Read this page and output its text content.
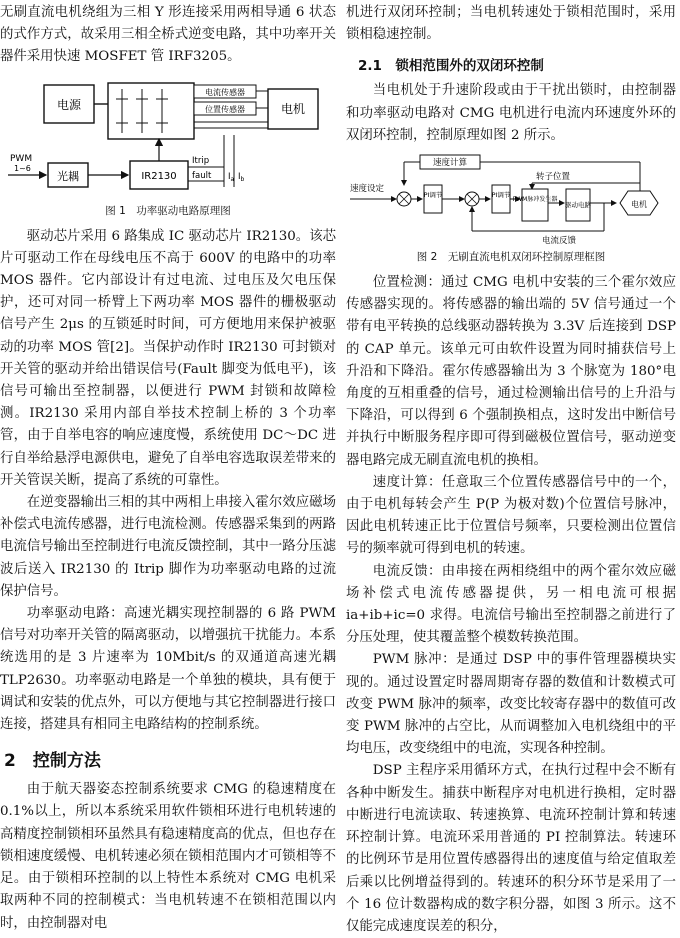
无刷直流电机绕组为三相 Y 形连接采用两相导通 6 状态的式作方式，故采用三相全桥式逆变电路，其中功率开关器件采用快速 MOSFET 管 IRF3205。

电源
电流传感器
位置传感器	电机
PWM
1~6
光耦	IR2130
Itrip
fault $I_a$ $I_b$
图 1　功率驱动电路原理图

驱动芯片采用 6 路集成 IC 驱动芯片 IR2130。该芯片可驱动工作在母线电压不高于 600V 的电路中的功率 MOS 器件。它内部设计有过电流、过电压及欠电压保护，还可对同一桥臂上下两功率 MOS 器件的栅极驱动信号产生 2μs 的互锁延时时间，可方便地用来保护被驱动的功率 MOS 管[2]。当保护动作时 IR2130 可封锁对开关管的驱动并给出错误信号(Fault 脚变为低电平)，该信号可输出至控制器，以便进行 PWM 封锁和故障检测。IR2130 采用内部自举技术控制上桥的 3 个功率管，由于自举电容的响应速度慢，系统使用 DC～DC 进行自举给悬浮电源供电，避免了自举电容选取误差带来的开关管误关断，提高了系统的可靠性。

在逆变器输出三相的其中两相上串接入霍尔效应磁场补偿式电流传感器，进行电流检测。传感器采集到的两路电流信号输出至控制进行电流反馈控制，其中一路分压滤波后送入 IR2130 的 Itrip 脚作为功率驱动电路的过流保护信号。

功率驱动电路：高速光耦实现控制器的 6 路 PWM 信号对功率开关管的隔离驱动，以增强抗干扰能力。本系统选用的是 3 片速率为 10Mbit/s 的双通道高速光耦 TLP2630。功率驱动电路是一个单独的模块，具有便于调试和安装的优点外，可以方便地与其它控制器进行接口连接，搭建具有相同主电路结构的控制系统。

2　控制方法

由于航天器姿态控制系统要求 CMG 的稳速精度在 0.1%以上，所以本系统采用软件锁相环进行电机转速的高精度控制锁相环虽然具有稳速精度高的优点，但也存在锁相速度缓慢、电机转速必须在锁相范围内才可锁相等不足。由于锁相环控制的以上特性本系统对 CMG 电机采取两种不同的控制模式：当电机转速不在锁相范围以内时，由控制器对电

机进行双闭环控制；当电机转速处于锁相范围时，采用锁相稳速控制。

2.1　锁相范围外的双闭环控制

当电机处于升速阶段或由于干扰出锁时，由控制器和功率驱动电路对 CMG 电机进行电流内环速度外环的双闭环控制，控制原理如图 2 所示。

速度计算
转子位置
速度设定
PI调节	PI调节
PWM脉冲发生器
驱动电路	电机
电流反馈
图 2　无刷直流电机双闭环控制原理框图

位置检测：通过 CMG 电机中安装的三个霍尔效应传感器实现的。将传感器的输出端的 5V 信号通过一个带有电平转换的总线驱动器转换为 3.3V 后连接到 DSP 的 CAP 单元。该单元可由软件设置为同时捕获信号上升沿和下降沿。霍尔传感器输出为 3 个脉宽为 180°电角度的互相重叠的信号，通过检测输出信号的上升沿与下降沿，可以得到 6 个强制换相点，这时发出中断信号并执行中断服务程序即可得到磁极位置信号，驱动逆变器电路完成无刷直流电机的换相。

速度计算：任意取三个位置传感器信号中的一个，由于电机每转会产生 P(P 为极对数)个位置信号脉冲，因此电机转速正比于位置信号频率，只要检测出位置信号的频率就可得到电机的转速。

电流反馈：由串接在两相绕组中的两个霍尔效应磁场补偿式电流传感器提供，另一相电流可根据 ia+ib+ic=0 求得。电流信号输出至控制器之前进行了分压处理，使其覆盖整个模数转换范围。

PWM 脉冲：是通过 DSP 中的事件管理器模块实现的。通过设置定时器周期寄存器的数值和计数模式可改变 PWM 脉冲的频率，改变比较寄存器中的数值可改变 PWM 脉冲的占空比，从而调整加入电机绕组中的平均电压，改变绕组中的电流，实现各种控制。

DSP 主程序采用循环方式，在执行过程中会不断有各种中断发生。捕获中断程序对电机进行换相，定时器中断进行电流读取、转速换算、电流环控制计算和转速环控制计算。电流环采用普通的 PI 控制算法。转速环的比例环节是用位置传感器得出的速度值与给定值取差后乘以比例增益得到的。转速环的积分环节是采用了一个 16 位计数器构成的数字积分器，如图 3 所示。这不仅能完成速度误差的积分，
